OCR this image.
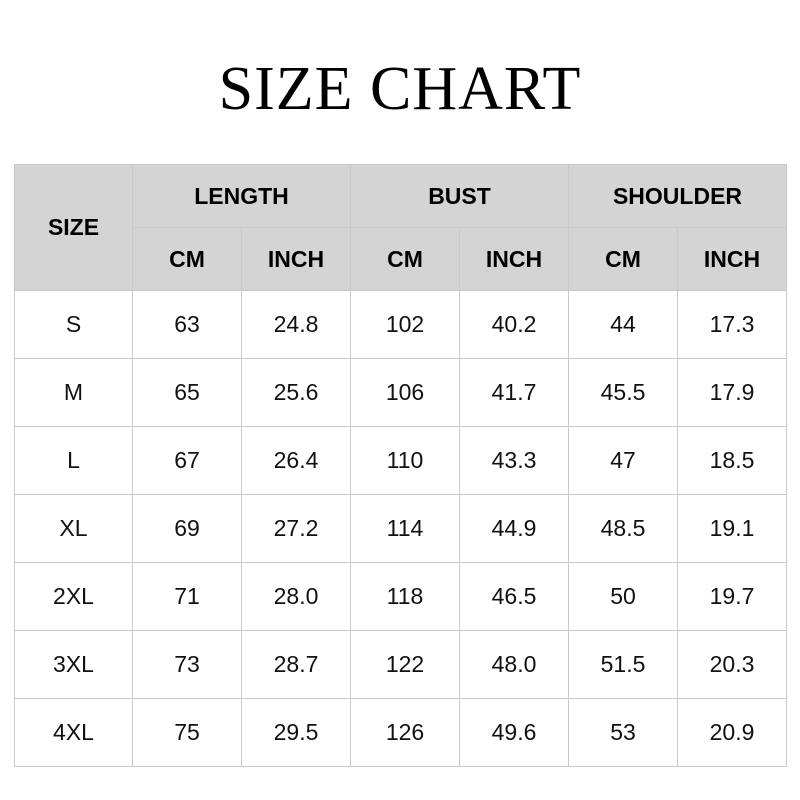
SIZE CHART
SIZE	LENGTH		BUST		SHOULDER	
	CM	INCH	CM	INCH	CM	INCH
S	63	24.8	102	40.2	44	17.3
M	65	25.6	106	41.7	45.5	17.9
L	67	26.4	110	43.3	47	18.5
XL	69	27.2	114	44.9	48.5	19.1
2XL	71	28.0	118	46.5	50	19.7
3XL	73	28.7	122	48.0	51.5	20.3
4XL	75	29.5	126	49.6	53	20.9
